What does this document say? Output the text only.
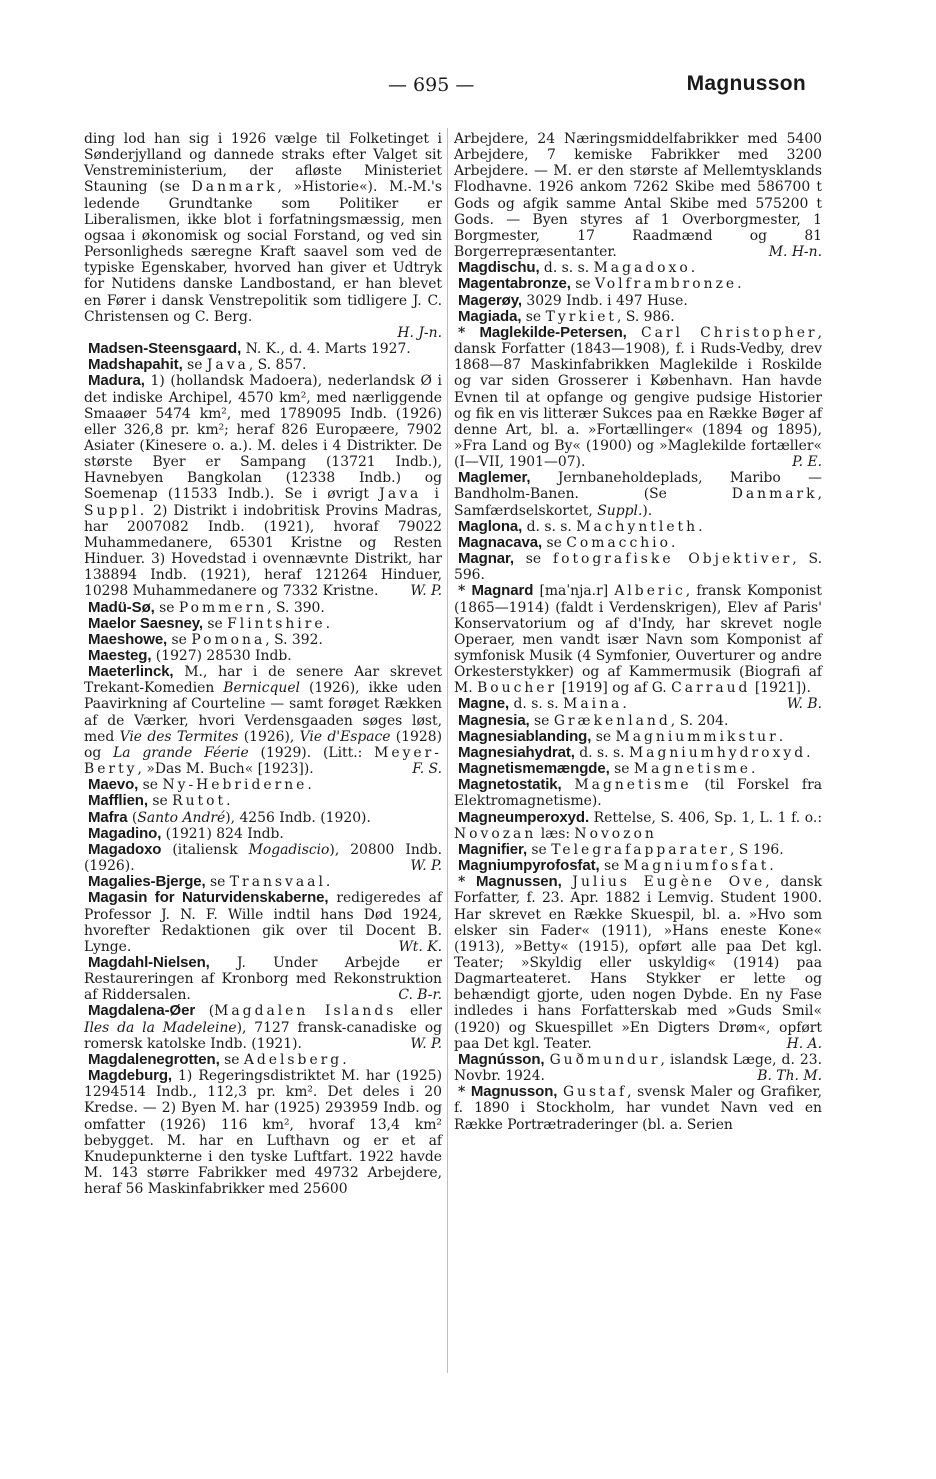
— 695 —	Magnusson

ding lod han sig i 1926 vælge til Folketinget i Sønderjylland og dannede straks efter Valget sit Venstreministerium, der afløste Ministeriet Stauning (se Danmark, »Historie«). M.-M.'s ledende Grundtanke som Politiker er Liberalismen, ikke blot i forfatningsmæssig, men ogsaa i økonomisk og social Forstand, og ved sin Personligheds særegne Kraft saavel som ved de typiske Egenskaber, hvorved han giver et Udtryk for Nutidens danske Landbostand, er han blevet en Fører i dansk Venstrepolitik som tidligere J. C. Christensen og C. Berg.

H. J-n.

Madsen-Steensgaard, N. K., d. 4. Marts 1927.

Madshapahit, se Java, S. 857.

Madura, 1) (hollandsk Madoera), nederlandsk Ø i det indiske Archipel, 4570 km², med nærliggende Smaaøer 5474 km², med 1789095 Indb. (1926) eller 326,8 pr. km²; heraf 826 Europæere, 7902 Asiater (Kinesere o. a.). M. deles i 4 Distrikter. De største Byer er Sampang (13721 Indb.), Havnebyen Bangkolan (12338 Indb.) og Soemenap (11533 Indb.). Se i øvrigt Java i Suppl. 2) Distrikt i indobritisk Provins Madras, har 2007082 Indb. (1921), hvoraf 79022 Muhammedanere, 65301 Kristne og Resten Hinduer. 3) Hovedstad i ovennævnte Distrikt, har 138894 Indb. (1921), heraf 121264 Hinduer, 10298 Muhammedanere og 7332 Kristne. W. P.

Madü-Sø, se Pommern, S. 390.

Maelor Saesney, se Flintshire.

Maeshowe, se Pomona, S. 392.

Maesteg, (1927) 28530 Indb.

Maeterlinck, M., har i de senere Aar skrevet Trekant-Komedien Bernicquel (1926), ikke uden Paavirkning af Courteline — samt forøget Rækken af de Værker, hvori Verdensgaaden søges løst, med Vie des Termites (1926), Vie d'Espace (1928) og La grande Féerie (1929). (Litt.: Meyer-Berty, »Das M. Buch« [1923]).	F. S.

Maevo, se Ny-Hebriderne.

Mafflien, se Rutot.

Mafra (Santo André), 4256 Indb. (1920).

Magadino, (1921) 824 Indb.

Magadoxo (italiensk Mogadiscio), 20800 Indb. (1926).	W. P.

Magalies-Bjerge, se Transvaal.

Magasin for Naturvidenskaberne, redigeredes af Professor J. N. F. Wille indtil hans Død 1924, hvorefter Redaktionen gik over til Docent B. Lynge.	Wt. K.

Magdahl-Nielsen, J. Under Arbejde er Restaureringen af Kronborg med Rekonstruktion af Riddersalen.	C. B-r.

Magdalena-Øer (Magdalen Islands eller Iles da la Madeleine), 7127 fransk-canadiske og romersk katolske Indb. (1921).	W. P.

Magdalenegrotten, se Adelsberg.

Magdeburg, 1) Regeringsdistriktet M. har (1925) 1294514 Indb., 112,3 pr. km². Det deles i 20 Kredse. — 2) Byen M. har (1925) 293959 Indb. og omfatter (1926) 116 km², hvoraf 13,4 km² bebygget. M. har en Lufthavn og er et af Knudepunkterne i den tyske Luftfart. 1922 havde M. 143 større Fabrikker med 49732 Arbejdere, heraf 56 Maskinfabrikker med 25600

Arbejdere, 24 Næringsmiddelfabrikker med 5400 Arbejdere, 7 kemiske Fabrikker med 3200 Arbejdere. — M. er den største af Mellemtysklands Flodhavne. 1926 ankom 7262 Skibe med 586700 t Gods og afgik samme Antal Skibe med 575200 t Gods. — Byen styres af 1 Overborgmester, 1 Borgmester, 17 Raadmænd og 81 Borgerrepræsentanter.	M. H-n.

Magdischu, d. s. s. Magadoxo.

Magentabronze, se Volframbronze.

Magerøy, 3029 Indb. i 497 Huse.

Magiada, se Tyrkiet, S. 986.

* Maglekilde-Petersen, Carl Christopher, dansk Forfatter (1843—1908), f. i Ruds-Vedby, drev 1868—87 Maskinfabrikken Maglekilde i Roskilde og var siden Grosserer i København. Han havde Evnen til at opfange og gengive pudsige Historier og fik en vis litterær Sukces paa en Række Bøger af denne Art, bl. a. »Fortællinger« (1894 og 1895), »Fra Land og By« (1900) og »Maglekilde fortæller« (I—VII, 1901—07).	P. E.

Maglemer, Jernbaneholdeplads, Maribo — Bandholm-Banen. (Se Danmark, Samfærdselskortet, Suppl.).

Maglona, d. s. s. Machyntleth.

Magnacava, se Comacchio.

Magnar, se fotografiske Objektiver, S. 596.

* Magnard [maˈnja.r] Alberic, fransk Komponist (1865—1914) (faldt i Verdenskrigen), Elev af Paris' Konservatorium og af d'Indy, har skrevet nogle Operaer, men vandt især Navn som Komponist af symfonisk Musik (4 Symfonier, Ouverturer og andre Orkesterstykker) og af Kammermusik (Biografi af M. Boucher [1919] og af G. Carraud [1921]).
W. B.

Magne, d. s. s. Maina.

Magnesia, se Grækenland, S. 204.

Magnesiablanding, se Magniummikstur.

Magnesiahydrat, d. s. s. Magniumhydroxyd.

Magnetismemængde, se Magnetisme.

Magnetostatik, Magnetisme (til Forskel fra Elektromagnetisme).

Magneumperoxyd. Rettelse, S. 406, Sp. 1, L. 1 f. o.: Novozan læs: Novozon

Magnifier, se Telegrafapparater, S 196.

Magniumpyrofosfat, se Magniumfosfat.

* Magnussen, Julius Eugène Ove, dansk Forfatter, f. 23. Apr. 1882 i Lemvig. Student 1900. Har skrevet en Række Skuespil, bl. a. »Hvo som elsker sin Fader« (1911), »Hans eneste Kone« (1913), »Betty« (1915), opført alle paa Det kgl. Teater; »Skyldig eller uskyldig« (1914) paa Dagmarteateret. Hans Stykker er lette og behændigt gjorte, uden nogen Dybde. En ny Fase indledes i hans Forfatterskab med »Guds Smil« (1920) og Skuespillet »En Digters Drøm«, opført paa Det kgl. Teater.	H. A.

Magnússon, Guðmundur, islandsk Læge, d. 23. Novbr. 1924.	B. Th. M.

* Magnusson, Gustaf, svensk Maler og Grafiker, f. 1890 i Stockholm, har vundet Navn ved en Række Portrætraderinger (bl. a. Serien
